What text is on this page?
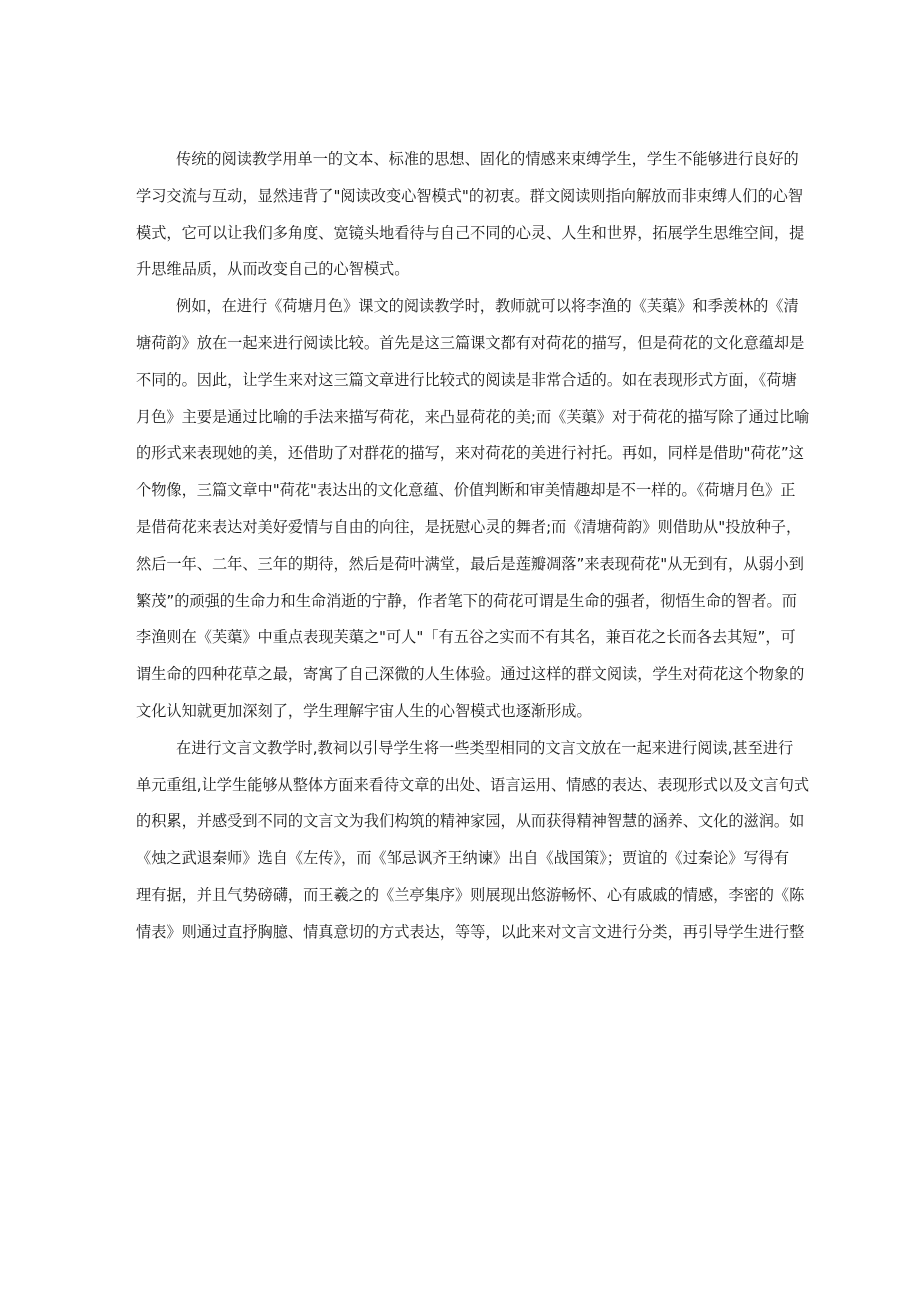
传统的阅读教学用单一的文本、标准的思想、固化的情感来束缚学生，学生不能够进行良好的
学习交流与互动，显然违背了"阅读改变心智模式"的初衷。群文阅读则指向解放而非束缚人们的心智
模式，它可以让我们多角度、宽镜头地看待与自己不同的心灵、人生和世界，拓展学生思维空间，提
升思维品质，从而改变自己的心智模式。
例如，在进行《荷塘月色》课文的阅读教学时，教师就可以将李渔的《芙蕖》和季羡林的《清
塘荷韵》放在一起来进行阅读比较。首先是这三篇课文都有对荷花的描写，但是荷花的文化意蕴却是
不同的。因此，让学生来对这三篇文章进行比较式的阅读是非常合适的。如在表现形式方面，《荷塘
月色》主要是通过比喻的手法来描写荷花，来凸显荷花的美;而《芙蕖》对于荷花的描写除了通过比喻
的形式来表现她的美，还借助了对群花的描写，来对荷花的美进行衬托。再如，同样是借助"荷花”这
个物像，三篇文章中"荷花"表达出的文化意蕴、价值判断和审美情趣却是不一样的。《荷塘月色》正
是借荷花来表达对美好爱情与自由的向往，是抚慰心灵的舞者;而《清塘荷韵》则借助从"投放种子，
然后一年、二年、三年的期待，然后是荷叶满堂，最后是莲瓣凋落”来表现荷花"从无到有，从弱小到
繁茂”的顽强的生命力和生命消逝的宁静，作者笔下的荷花可谓是生命的强者，彻悟生命的智者。而
李渔则在《芙蕖》中重点表现芙蕖之"可人"「有五谷之实而不有其名，兼百花之长而各去其短”，可
谓生命的四种花草之最，寄寓了自己深微的人生体验。通过这样的群文阅读，学生对荷花这个物象的
文化认知就更加深刻了，学生理解宇宙人生的心智模式也逐渐形成。
在进行文言文教学时,教祠以引导学生将一些类型相同的文言文放在一起来进行阅读,甚至进行
单元重组,让学生能够从整体方面来看待文章的出处、语言运用、情感的表达、表现形式以及文言句式
的积累，并感受到不同的文言文为我们构筑的精神家园，从而获得精神智慧的涵养、文化的滋润。如
《烛之武退秦师》选自《左传》，而《邹忌讽齐王纳谏》出自《战国策》；贾谊的《过秦论》写得有
理有据，并且气势磅礴，而王羲之的《兰亭集序》则展现出悠游畅怀、心有戚戚的情感，李密的《陈
情表》则通过直抒胸臆、情真意切的方式表达，等等，以此来对文言文进行分类，再引导学生进行整
